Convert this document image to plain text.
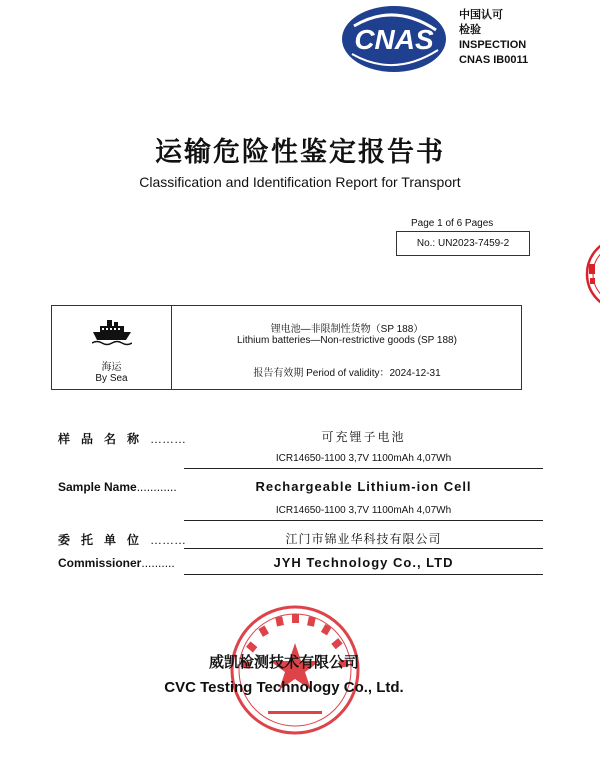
CNAS
中国认可
检验
INSPECTION
CNAS IB0011
运输危险性鉴定报告书
Classification and Identification Report for Transport
Page 1 of 6 Pages
No.: UN2023-7459-2
海运
By Sea
锂电池—非限制性货物（SP 188）
Lithium batteries—Non-restrictive goods (SP 188)
报告有效期 Period of validity：2024-12-31
样品名称………	可充锂子电池
ICR14650-1100 3,7V 1100mAh 4,07Wh
Sample Name............	Rechargeable Lithium-ion Cell
ICR14650-1100 3,7V 1100mAh 4,07Wh
委托单位………	江门市锦业华科技有限公司
Commissioner..........	JYH Technology Co., LTD
威凯检测技术有限公司
CVC Testing Technology Co., Ltd.
